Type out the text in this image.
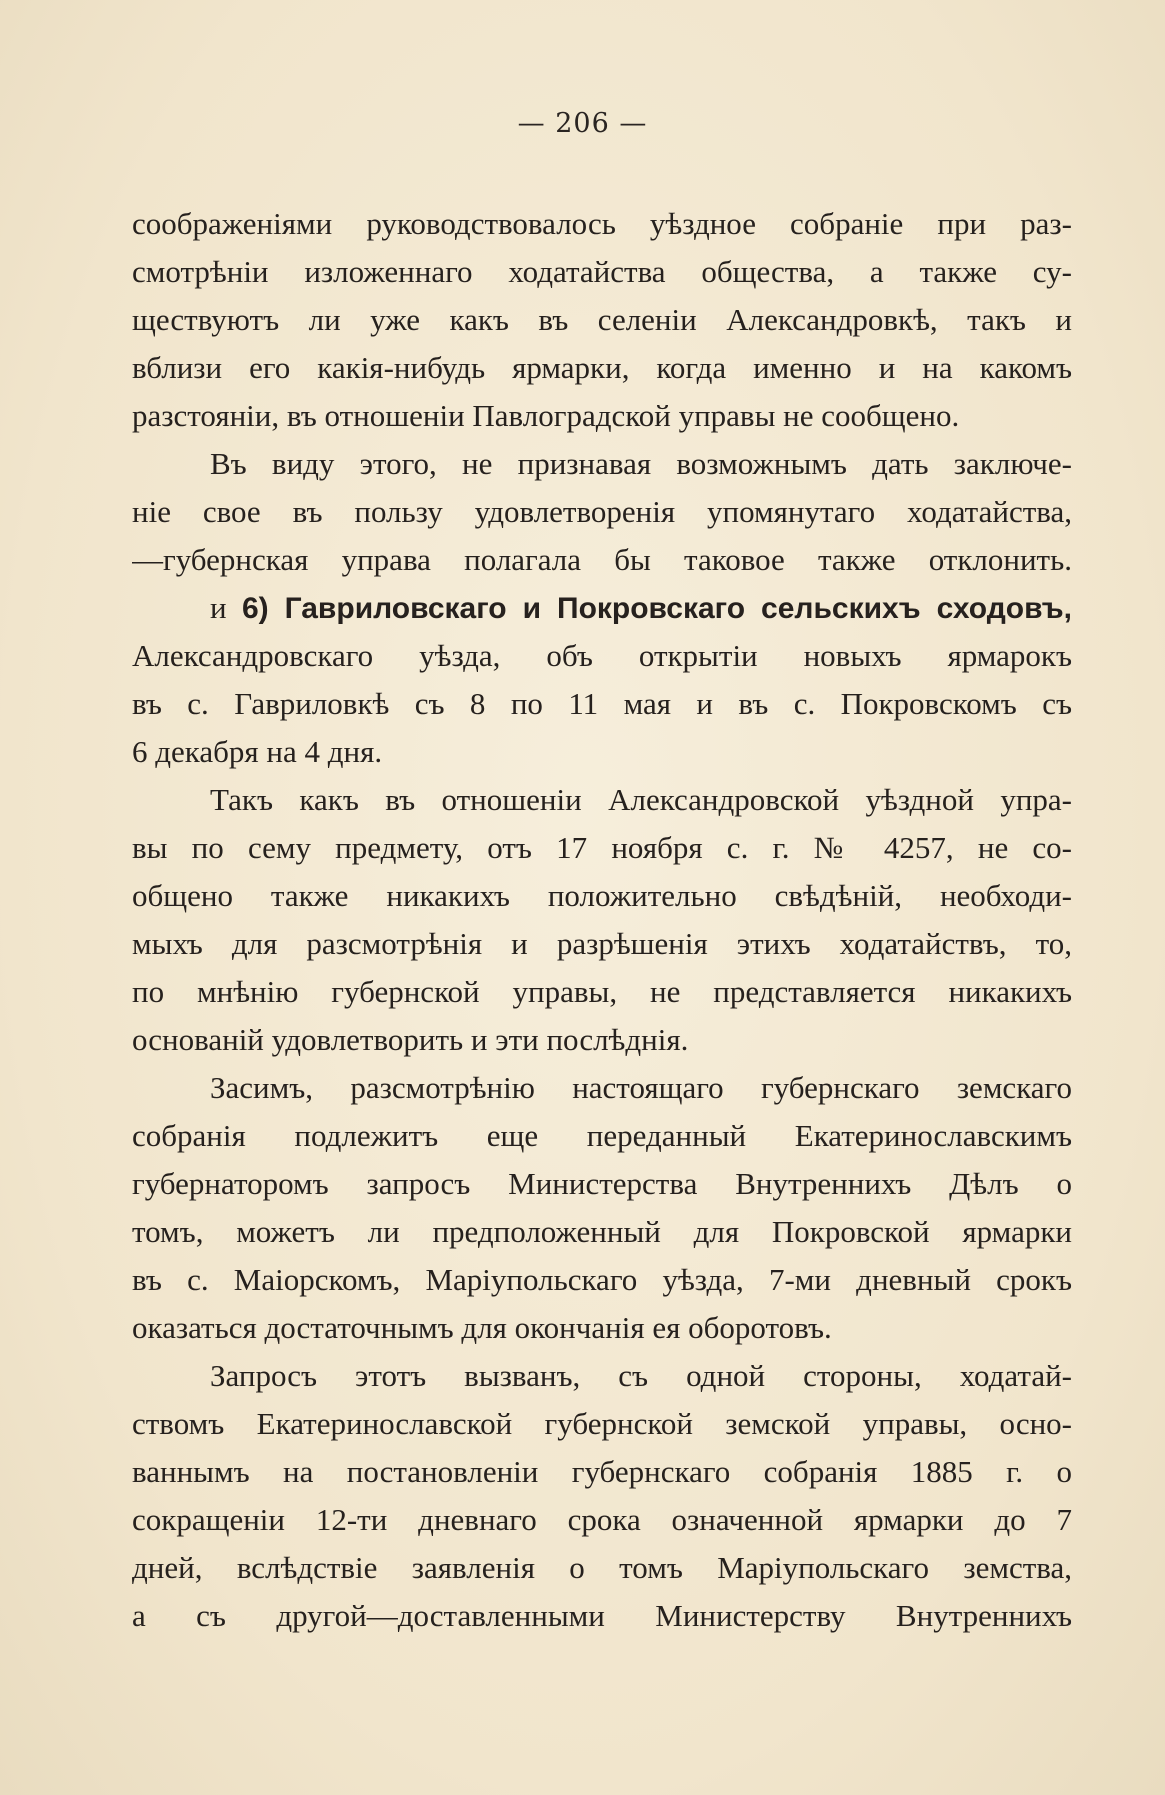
— 206 —
соображеніями руководствовалось уѣздное собраніе при раз-
смотрѣніи изложеннаго ходатайства общества, а также су-
ществуютъ ли уже какъ въ селеніи Александровкѣ, такъ и
вблизи его какія-нибудь ярмарки, когда именно и на какомъ
разстояніи, въ отношеніи Павлоградской управы не сообщено.
Въ виду этого, не признавая возможнымъ дать заключе-
ніе свое въ пользу удовлетворенія упомянутаго ходатайства,
—губернская управа полагала бы таковое также отклонить.
и 6) Гавриловскаго и Покровскаго сельскихъ сходовъ,
Александровскаго уѣзда, объ открытіи новыхъ ярмарокъ
въ с. Гавриловкѣ съ 8 по 11 мая и въ с. Покровскомъ съ
6 декабря на 4 дня.
Такъ какъ въ отношеніи Александровской уѣздной упра-
вы по сему предмету, отъ 17 ноября с. г. № 4257, не со-
общено также никакихъ положительно свѣдѣній, необходи-
мыхъ для разсмотрѣнія и разрѣшенія этихъ ходатайствъ, то,
по мнѣнію губернской управы, не представляется никакихъ
основаній удовлетворить и эти послѣднія.
Засимъ, разсмотрѣнію настоящаго губернскаго земскаго
собранія подлежитъ еще переданный Екатеринославскимъ
губернаторомъ запросъ Министерства Внутреннихъ Дѣлъ о
томъ, можетъ ли предположенный для Покровской ярмарки
въ с. Маіорскомъ, Маріупольскаго уѣзда, 7-ми дневный срокъ
оказаться достаточнымъ для окончанія ея оборотовъ.
Запросъ этотъ вызванъ, съ одной стороны, ходатай-
ствомъ Екатеринославской губернской земской управы, осно-
ваннымъ на постановленіи губернскаго собранія 1885 г. о
сокращеніи 12-ти дневнаго срока означенной ярмарки до 7
дней, вслѣдствіе заявленія о томъ Маріупольскаго земства,
а съ другой—доставленными Министерству Внутреннихъ
